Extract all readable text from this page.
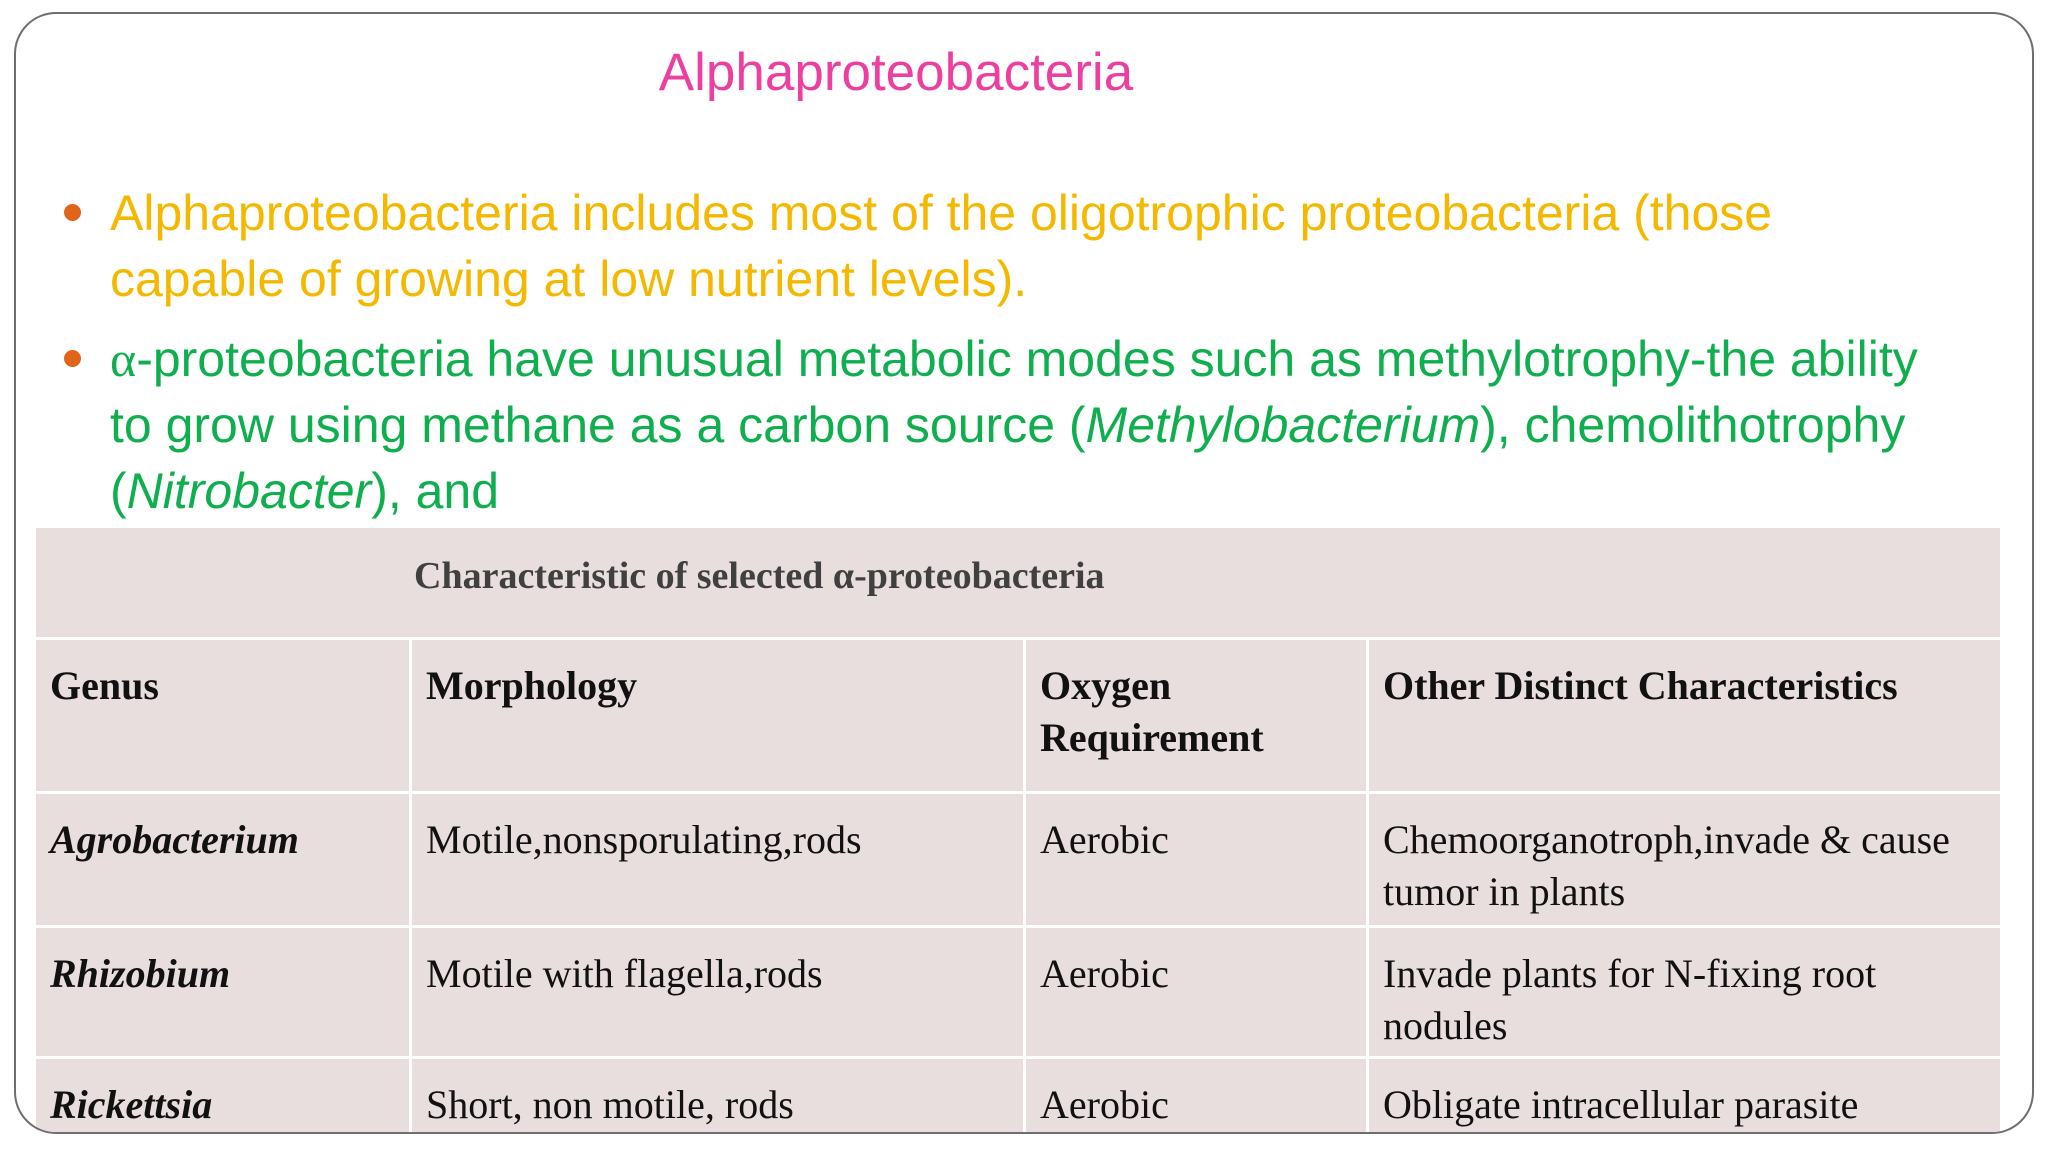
Alphaproteobacteria
Alphaproteobacteria includes most of the oligotrophic proteobacteria (those capable of growing at low nutrient levels).
α-proteobacteria have unusual metabolic modes such as methylotrophy-the ability to grow using methane as a carbon source (Methylobacterium), chemolithotrophy (Nitrobacter), and
Characteristic of selected α-proteobacteria			
Genus	Morphology	Oxygen Requirement	Other Distinct Characteristics
Agrobacterium	Motile,nonsporulating,rods	Aerobic	Chemoorganotroph,invade & cause tumor in plants
Rhizobium	Motile with flagella,rods	Aerobic	Invade plants for N-fixing root nodules
Rickettsia	Short, non motile, rods	Aerobic	Obligate intracellular parasite
